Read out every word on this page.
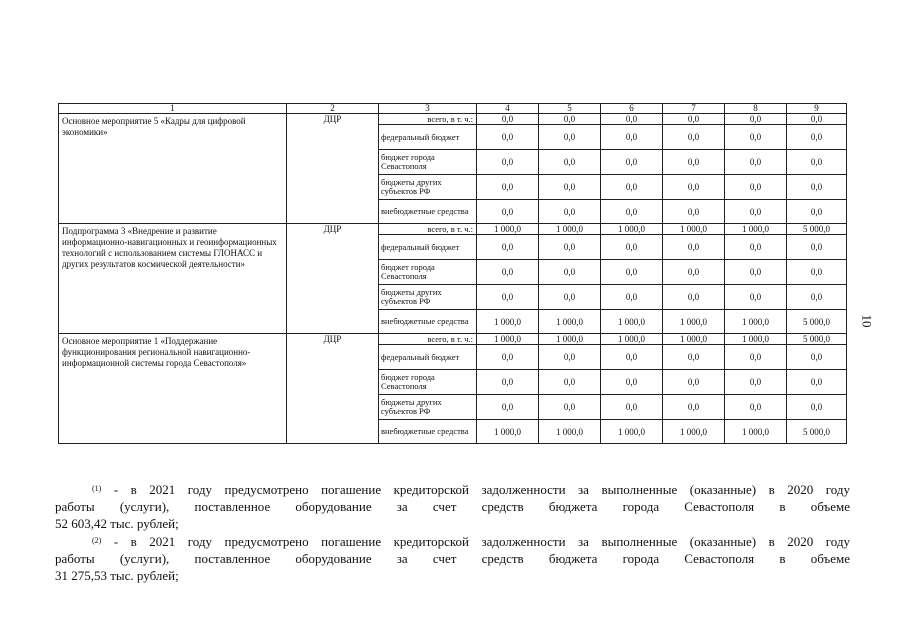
1	2	3	4	5	6	7	8	9
Основное мероприятие 5 «Кадры для цифровой экономики»	ДЦР	всего, в т. ч.:	0,0	0,0	0,0	0,0	0,0	0,0
		федеральный бюджет	0,0	0,0	0,0	0,0	0,0	0,0
		бюджет города Севастополя	0,0	0,0	0,0	0,0	0,0	0,0
		бюджеты других субъектов РФ	0,0	0,0	0,0	0,0	0,0	0,0
		внебюджетные средства	0,0	0,0	0,0	0,0	0,0	0,0
Подпрограмма 3 «Внедрение и развитие информационно-навигационных и геоинформационных технологий с использованием системы ГЛОНАСС и других результатов космической деятельности»	ДЦР	всего, в т. ч.:	1 000,0	1 000,0	1 000,0	1 000,0	1 000,0	5 000,0
		федеральный бюджет	0,0	0,0	0,0	0,0	0,0	0,0
		бюджет города Севастополя	0,0	0,0	0,0	0,0	0,0	0,0
		бюджеты других субъектов РФ	0,0	0,0	0,0	0,0	0,0	0,0
		внебюджетные средства	1 000,0	1 000,0	1 000,0	1 000,0	1 000,0	5 000,0
Основное мероприятие 1 «Поддержание функционирования региональной навигационно-информационной системы города Севастополя»	ДЦР	всего, в т. ч.:	1 000,0	1 000,0	1 000,0	1 000,0	1 000,0	5 000,0
		федеральный бюджет	0,0	0,0	0,0	0,0	0,0	0,0
		бюджет города Севастополя	0,0	0,0	0,0	0,0	0,0	0,0
		бюджеты других субъектов РФ	0,0	0,0	0,0	0,0	0,0	0,0
		внебюджетные средства	1 000,0	1 000,0	1 000,0	1 000,0	1 000,0	5 000,0
10

$^{(1)}$ - в 2021 году предусмотрено погашение кредиторской задолженности за выполненные (оказанные) в 2020 году

работы (услуги), поставленное оборудование за счет средств бюджета города Севастополя в объеме

52 603,42 тыс. рублей;

$^{(2)}$ - в 2021 году предусмотрено погашение кредиторской задолженности за выполненные (оказанные) в 2020 году

работы (услуги), поставленное оборудование за счет средств бюджета города Севастополя в объеме

31 275,53 тыс. рублей;
